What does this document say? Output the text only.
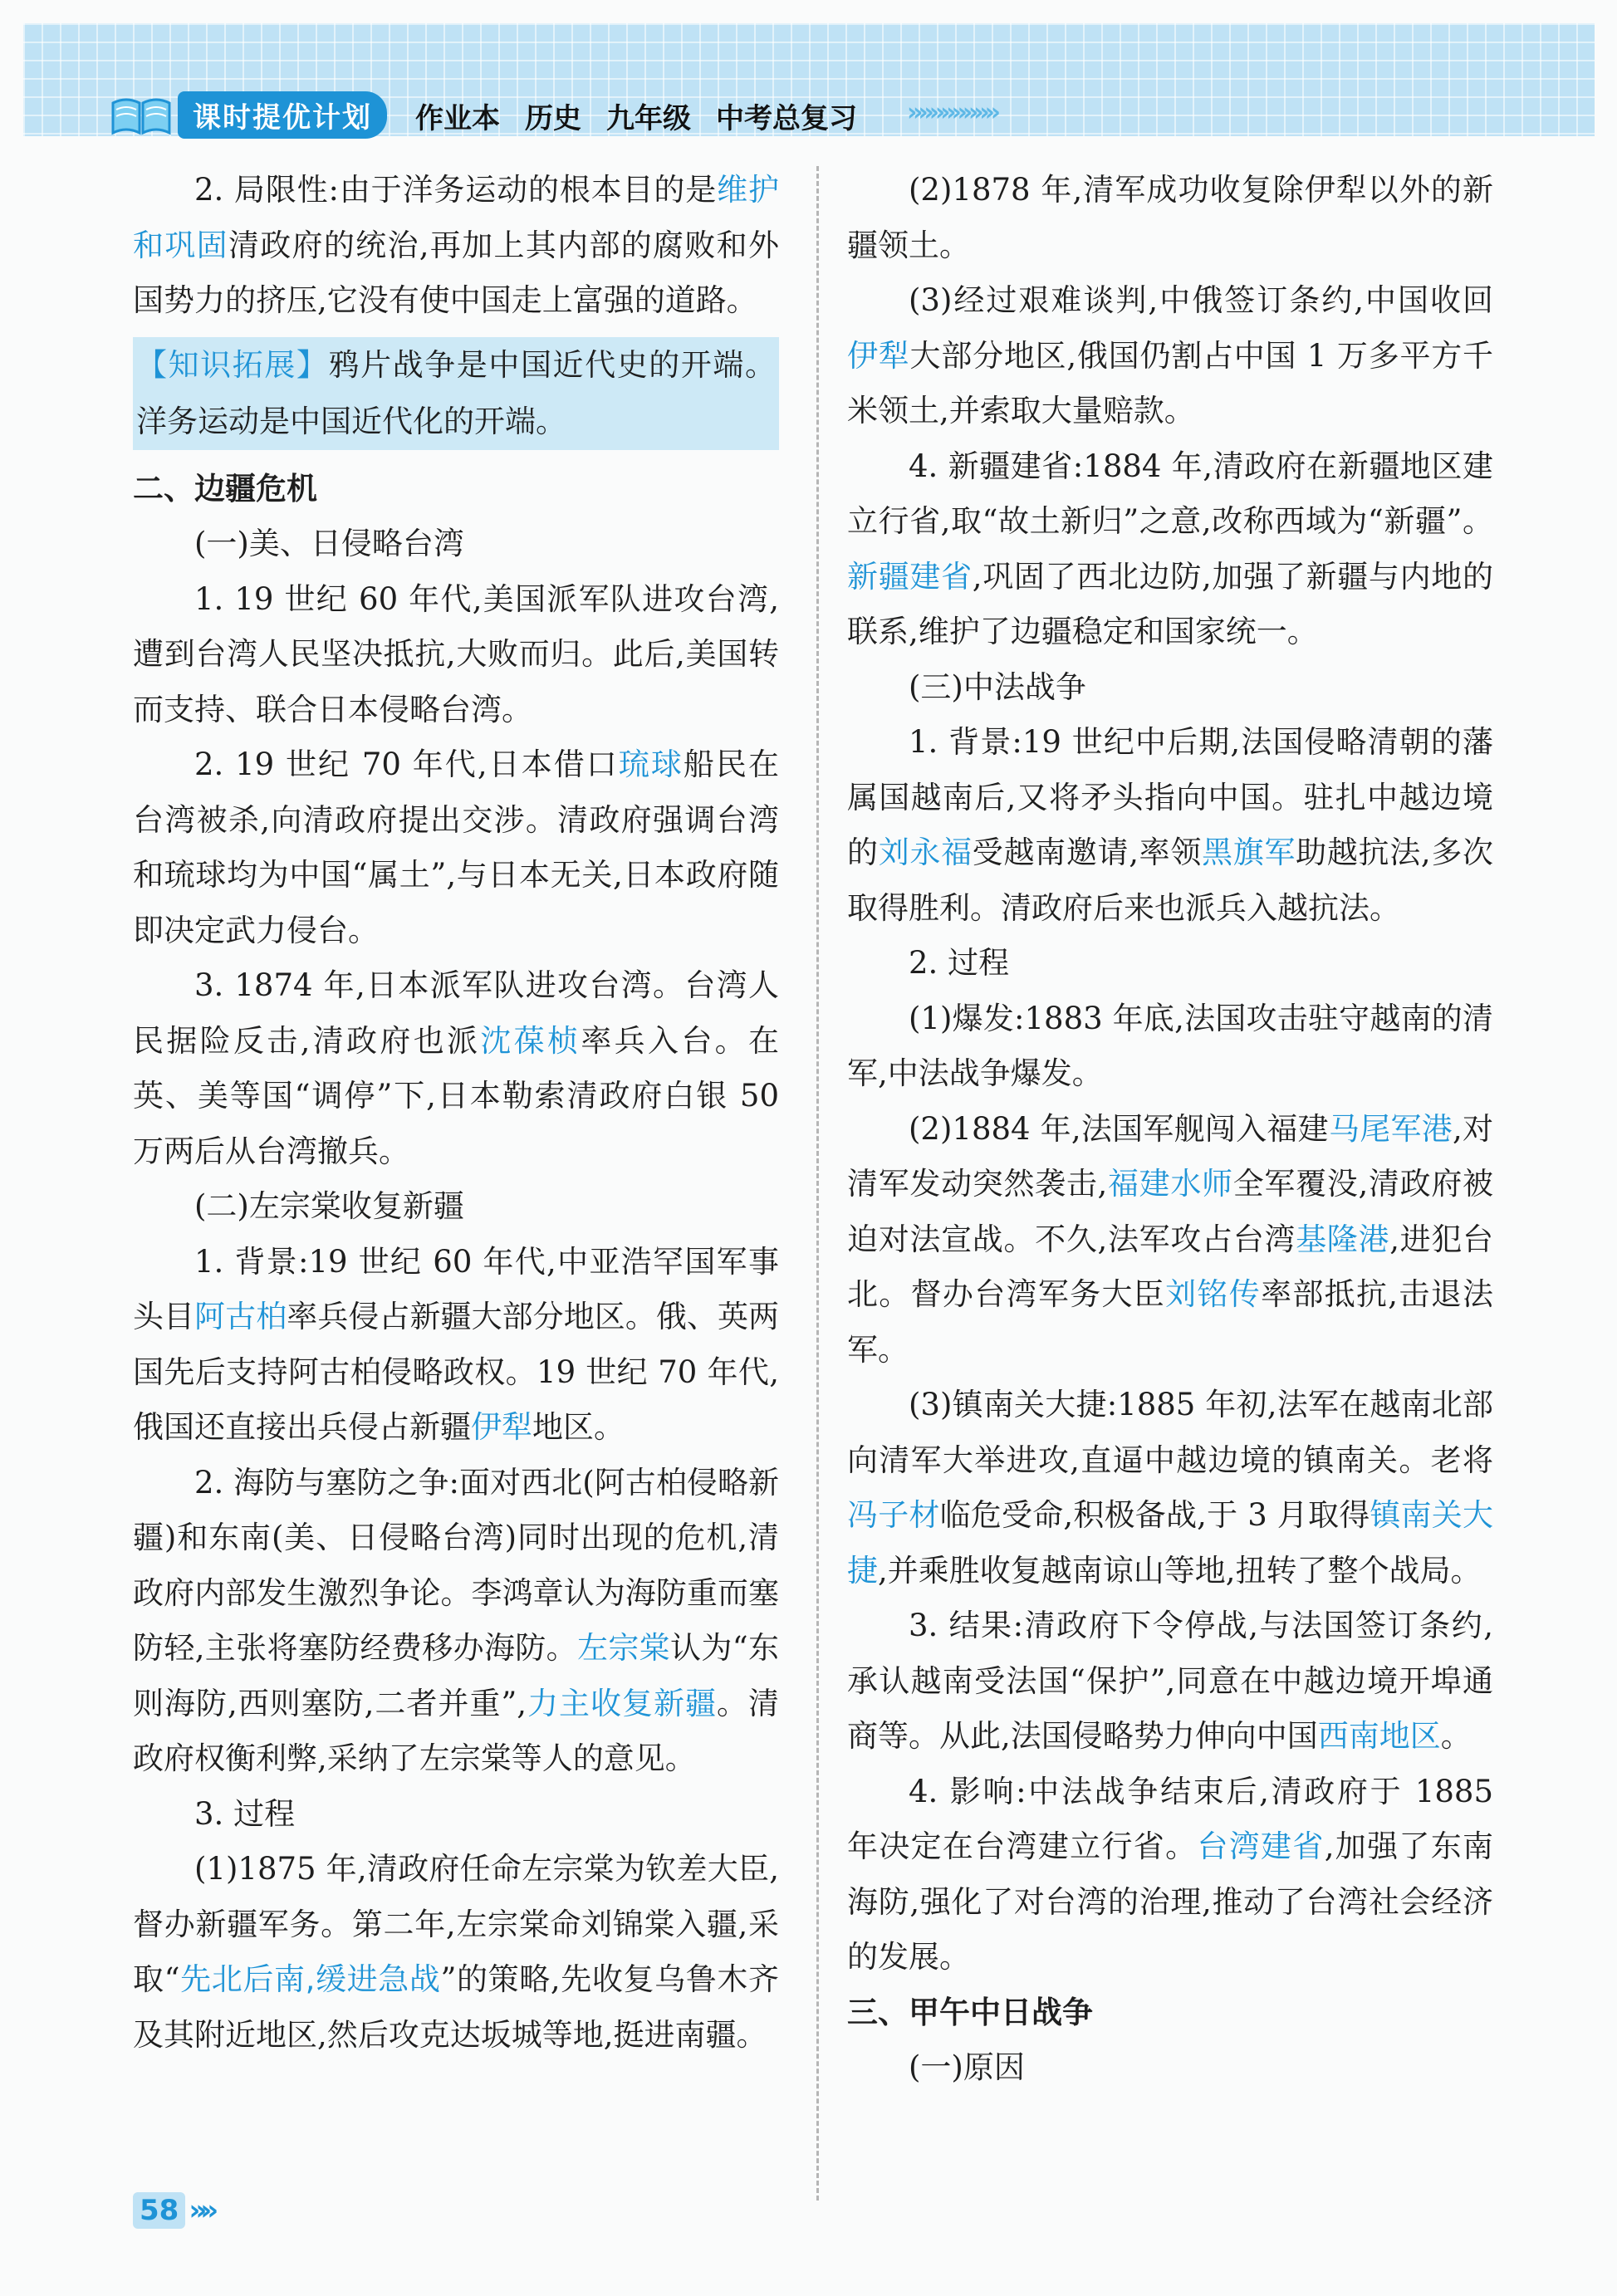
课时提优计划	作业本 历史 九年级 中考总复习 »»»»»»»»

2. 局限性:由于洋务运动的根本目的是维护和巩固清政府的统治,再加上其内部的腐败和外国势力的挤压,它没有使中国走上富强的道路。

【知识拓展】鸦片战争是中国近代史的开端。洋务运动是中国近代化的开端。

二、边疆危机

(一)美、日侵略台湾

1. 19 世纪 60 年代,美国派军队进攻台湾,遭到台湾人民坚决抵抗,大败而归。此后,美国转而支持、联合日本侵略台湾。

2. 19 世纪 70 年代,日本借口琉球船民在台湾被杀,向清政府提出交涉。清政府强调台湾和琉球均为中国“属土”,与日本无关,日本政府随即决定武力侵台。

3. 1874 年,日本派军队进攻台湾。台湾人民据险反击,清政府也派沈葆桢率兵入台。在英、美等国“调停”下,日本勒索清政府白银 50 万两后从台湾撤兵。

(二)左宗棠收复新疆

1. 背景:19 世纪 60 年代,中亚浩罕国军事头目阿古柏率兵侵占新疆大部分地区。俄、英两国先后支持阿古柏侵略政权。19 世纪 70 年代,俄国还直接出兵侵占新疆伊犁地区。

2. 海防与塞防之争:面对西北(阿古柏侵略新疆)和东南(美、日侵略台湾)同时出现的危机,清政府内部发生激烈争论。李鸿章认为海防重而塞防轻,主张将塞防经费移办海防。左宗棠认为“东则海防,西则塞防,二者并重”,力主收复新疆。清政府权衡利弊,采纳了左宗棠等人的意见。

3. 过程

(1)1875 年,清政府任命左宗棠为钦差大臣,督办新疆军务。第二年,左宗棠命刘锦棠入疆,采取“先北后南,缓进急战”的策略,先收复乌鲁木齐及其附近地区,然后攻克达坂城等地,挺进南疆。

(2)1878 年,清军成功收复除伊犁以外的新疆领土。

(3)经过艰难谈判,中俄签订条约,中国收回伊犁大部分地区,俄国仍割占中国 1 万多平方千米领土,并索取大量赔款。

4. 新疆建省:1884 年,清政府在新疆地区建立行省,取“故土新归”之意,改称西域为“新疆”。新疆建省,巩固了西北边防,加强了新疆与内地的联系,维护了边疆稳定和国家统一。

(三)中法战争

1. 背景:19 世纪中后期,法国侵略清朝的藩属国越南后,又将矛头指向中国。驻扎中越边境的刘永福受越南邀请,率领黑旗军助越抗法,多次取得胜利。清政府后来也派兵入越抗法。

2. 过程

(1)爆发:1883 年底,法国攻击驻守越南的清军,中法战争爆发。

(2)1884 年,法国军舰闯入福建马尾军港,对清军发动突然袭击,福建水师全军覆没,清政府被迫对法宣战。不久,法军攻占台湾基隆港,进犯台北。督办台湾军务大臣刘铭传率部抵抗,击退法军。

(3)镇南关大捷:1885 年初,法军在越南北部向清军大举进攻,直逼中越边境的镇南关。老将冯子材临危受命,积极备战,于 3 月取得镇南关大捷,并乘胜收复越南谅山等地,扭转了整个战局。

3. 结果:清政府下令停战,与法国签订条约,承认越南受法国“保护”,同意在中越边境开埠通商等。从此,法国侵略势力伸向中国西南地区。

4. 影响:中法战争结束后,清政府于 1885 年决定在台湾建立行省。台湾建省,加强了东南海防,强化了对台湾的治理,推动了台湾社会经济的发展。

三、甲午中日战争

(一)原因

58 »»
